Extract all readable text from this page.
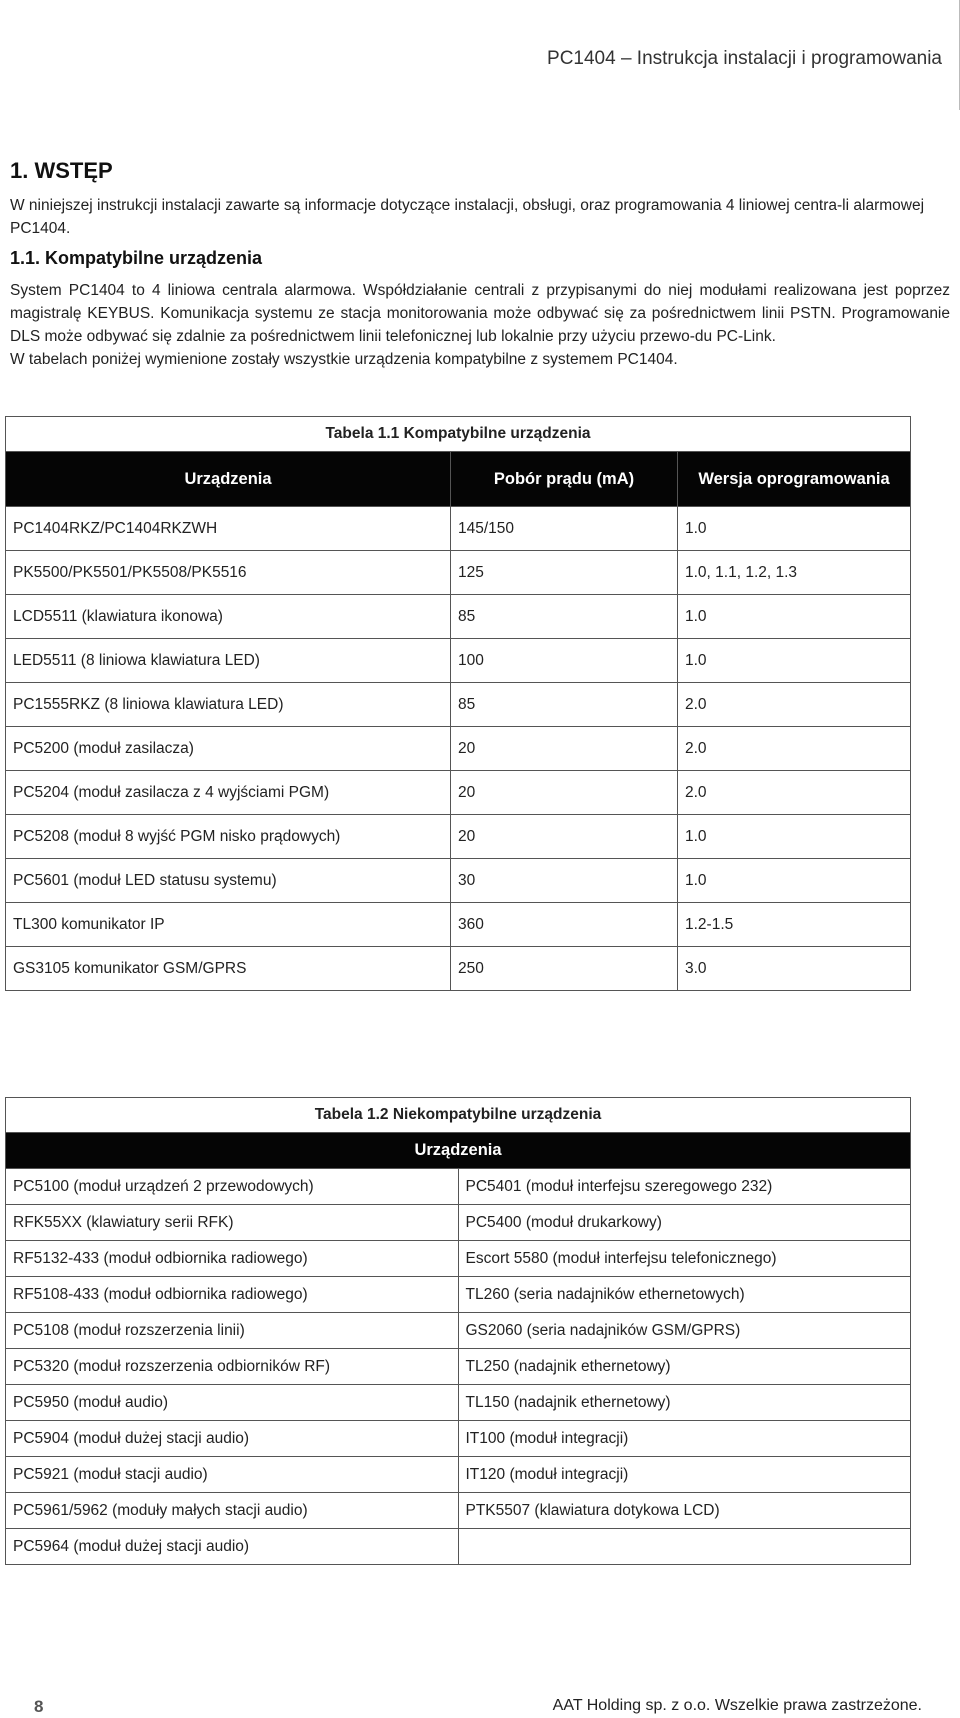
PC1404 – Instrukcja instalacji i programowania

1. WSTĘP

W niniejszej instrukcji instalacji zawarte są informacje dotyczące instalacji, obsługi, oraz programowania 4 liniowej centra-li alarmowej PC1404.

1.1. Kompatybilne urządzenia

System PC1404 to 4 liniowa centrala alarmowa. Współdziałanie centrali z przypisanymi do niej modułami realizowana jest poprzez magistralę KEYBUS. Komunikacja systemu ze stacja monitorowania może odbywać się za pośrednictwem linii PSTN. Programowanie DLS może odbywać się zdalnie za pośrednictwem linii telefonicznej lub lokalnie przy użyciu przewo-du PC-Link.

W tabelach poniżej wymienione zostały wszystkie urządzenia kompatybilne z systemem PC1404.

Tabela 1.1 Kompatybilne urządzenia		
Urządzenia	Pobór prądu (mA)	Wersja oprogramowania
PC1404RKZ/PC1404RKZWH	145/150	1.0
PK5500/PK5501/PK5508/PK5516	125	1.0, 1.1, 1.2, 1.3
LCD5511 (klawiatura ikonowa)	85	1.0
LED5511 (8 liniowa klawiatura LED)	100	1.0
PC1555RKZ (8 liniowa klawiatura LED)	85	2.0
PC5200 (moduł zasilacza)	20	2.0
PC5204 (moduł zasilacza z 4 wyjściami PGM)	20	2.0
PC5208 (moduł 8 wyjść PGM nisko prądowych)	20	1.0
PC5601 (moduł LED statusu systemu)	30	1.0
TL300 komunikator IP	360	1.2-1.5
GS3105 komunikator GSM/GPRS	250	3.0
Tabela 1.2 Niekompatybilne urządzenia	
Urządzenia	
PC5100 (moduł urządzeń 2 przewodowych)	PC5401 (moduł interfejsu szeregowego 232)
RFK55XX (klawiatury serii RFK)	PC5400 (moduł drukarkowy)
RF5132-433 (moduł odbiornika radiowego)	Escort 5580 (moduł interfejsu telefonicznego)
RF5108-433 (moduł odbiornika radiowego)	TL260 (seria nadajników ethernetowych)
PC5108 (moduł rozszerzenia linii)	GS2060 (seria nadajników GSM/GPRS)
PC5320 (moduł rozszerzenia odbiorników RF)	TL250 (nadajnik ethernetowy)
PC5950 (moduł audio)	TL150 (nadajnik ethernetowy)
PC5904 (moduł dużej stacji audio)	IT100 (moduł integracji)
PC5921 (moduł stacji audio)	IT120 (moduł integracji)
PC5961/5962 (moduły małych stacji audio)	PTK5507 (klawiatura dotykowa LCD)
PC5964 (moduł dużej stacji audio)	
8	AAT Holding sp. z o.o. Wszelkie prawa zastrzeżone.
